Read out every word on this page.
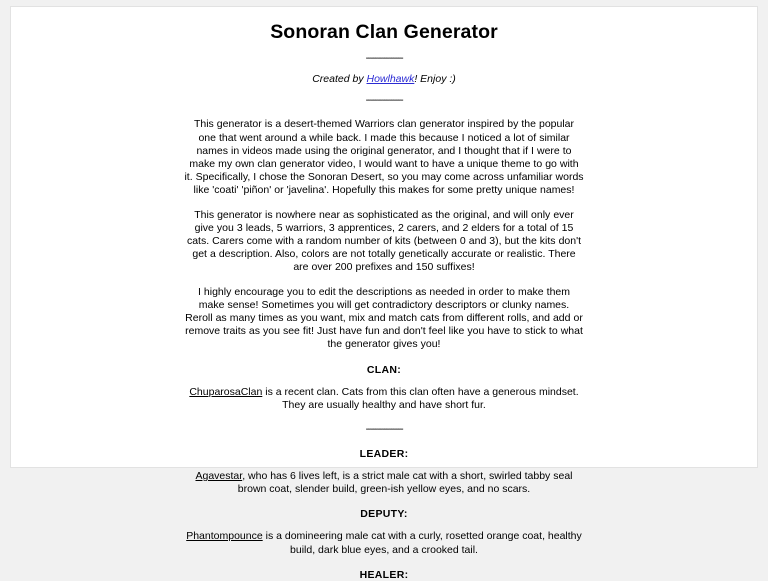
Sonoran Clan Generator
----------------

Created by Howlhawk! Enjoy :)

----------------

This generator is a desert-themed Warriors clan generator inspired by the popular one that went around a while back. I made this because I noticed a lot of similar names in videos made using the original generator, and I thought that if I were to make my own clan generator video, I would want to have a unique theme to go with it. Specifically, I chose the Sonoran Desert, so you may come across unfamiliar words like 'coati' 'piñon' or 'javelina'. Hopefully this makes for some pretty unique names!

This generator is nowhere near as sophisticated as the original, and will only ever give you 3 leads, 5 warriors, 3 apprentices, 2 carers, and 2 elders for a total of 15 cats. Carers come with a random number of kits (between 0 and 3), but the kits don't get a description. Also, colors are not totally genetically accurate or realistic. There are over 200 prefixes and 150 suffixes!

I highly encourage you to edit the descriptions as needed in order to make them make sense! Sometimes you will get contradictory descriptors or clunky names. Reroll as many times as you want, mix and match cats from different rolls, and add or remove traits as you see fit! Just have fun and don't feel like you have to stick to what the generator gives you!

CLAN:

ChuparosaClan is a recent clan. Cats from this clan often have a generous mindset. They are usually healthy and have short fur.

----------------
LEADER:

Agavestar, who has 6 lives left, is a strict male cat with a short, swirled tabby seal brown coat, slender build, green-ish yellow eyes, and no scars.

DEPUTY:

Phantompounce is a domineering male cat with a curly, rosetted orange coat, healthy build, dark blue eyes, and a crooked tail.

HEALER:
